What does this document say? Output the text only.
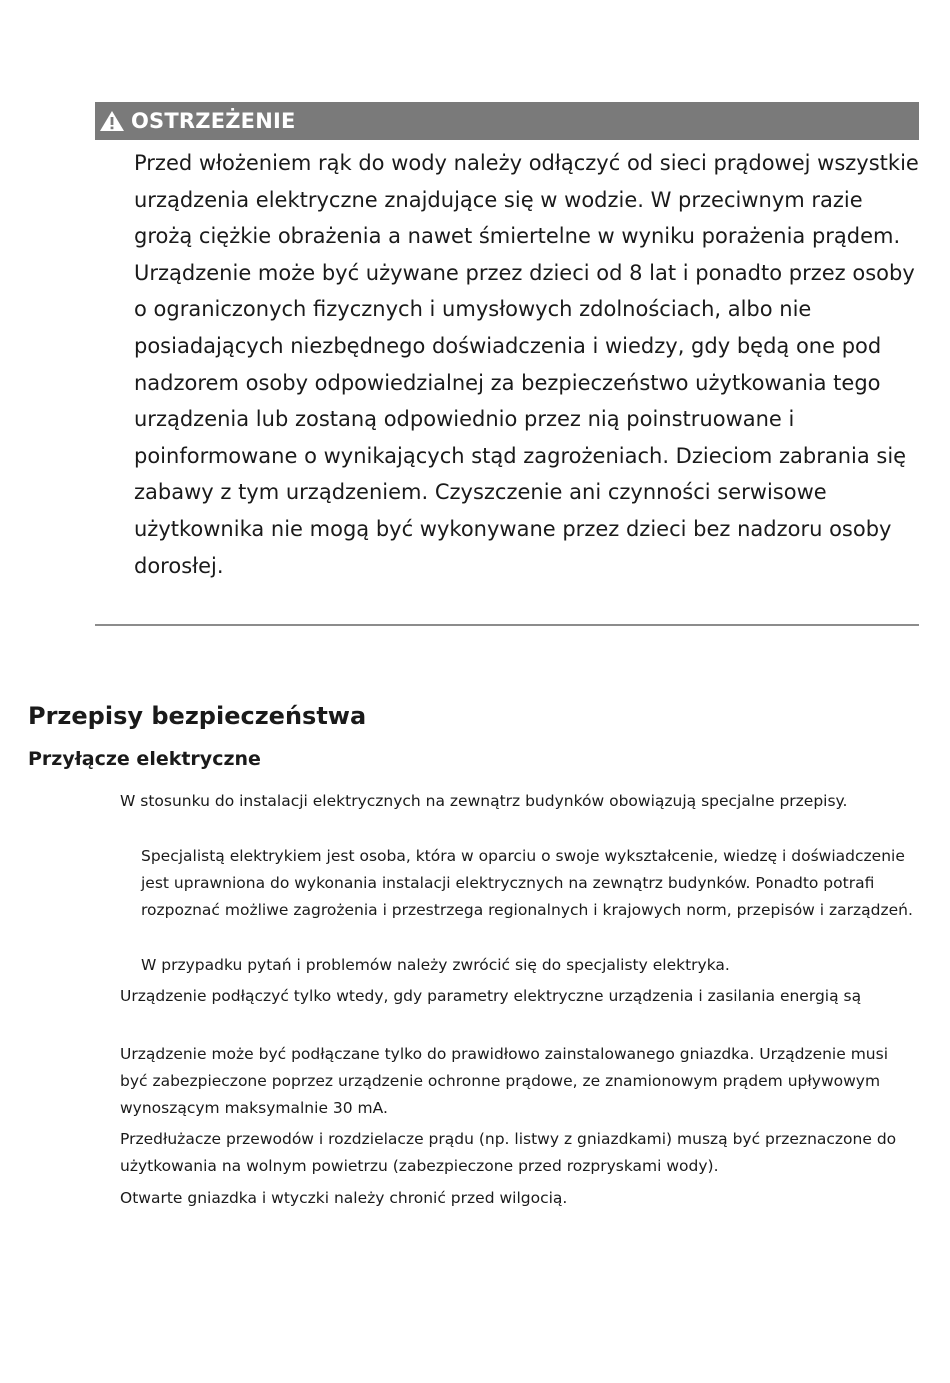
OSTRZEŻENIE

Przed włożeniem rąk do wody należy odłączyć od sieci prądowej wszystkie urządzenia elektryczne znajdujące się w wodzie. W przeciwnym razie grożą ciężkie obrażenia a nawet śmiertelne w wyniku porażenia prądem.

Urządzenie może być używane przez dzieci od 8 lat i ponadto przez osoby o ograniczonych fizycznych i umysłowych zdolnościach, albo nie posiadających niezbędnego doświadczenia i wiedzy, gdy będą one pod nadzorem osoby odpowiedzialnej za bezpieczeństwo użytkowania tego urządzenia lub zostaną odpowiednio przez nią poinstruowane i poinformowane o wynikających stąd zagrożeniach. Dzieciom zabrania się zabawy z tym urządzeniem. Czyszczenie ani czynności serwisowe użytkownika nie mogą być wykonywane przez dzieci bez nadzoru osoby dorosłej.

Przepisy bezpieczeństwa
Przyłącze elektryczne

W stosunku do instalacji elektrycznych na zewnątrz budynków obowiązują specjalne przepisy.

Specjalistą elektrykiem jest osoba, która w oparciu o swoje wykształcenie, wiedzę i doświadczenie jest uprawniona do wykonania instalacji elektrycznych na zewnątrz budynków. Ponadto potrafi rozpoznać możliwe zagrożenia i przestrzega regionalnych i krajowych norm, przepisów i zarządzeń.

W przypadku pytań i problemów należy zwrócić się do specjalisty elektryka.

Urządzenie podłączyć tylko wtedy, gdy parametry elektryczne urządzenia i zasilania energią są

Urządzenie może być podłączane tylko do prawidłowo zainstalowanego gniazdka. Urządzenie musi być zabezpieczone poprzez urządzenie ochronne prądowe, ze znamionowym prądem upływowym wynoszącym maksymalnie 30 mA.

Przedłużacze przewodów i rozdzielacze prądu (np. listwy z gniazdkami) muszą być przeznaczone do użytkowania na wolnym powietrzu (zabezpieczone przed rozpryskami wody).

Otwarte gniazdka i wtyczki należy chronić przed wilgocią.
